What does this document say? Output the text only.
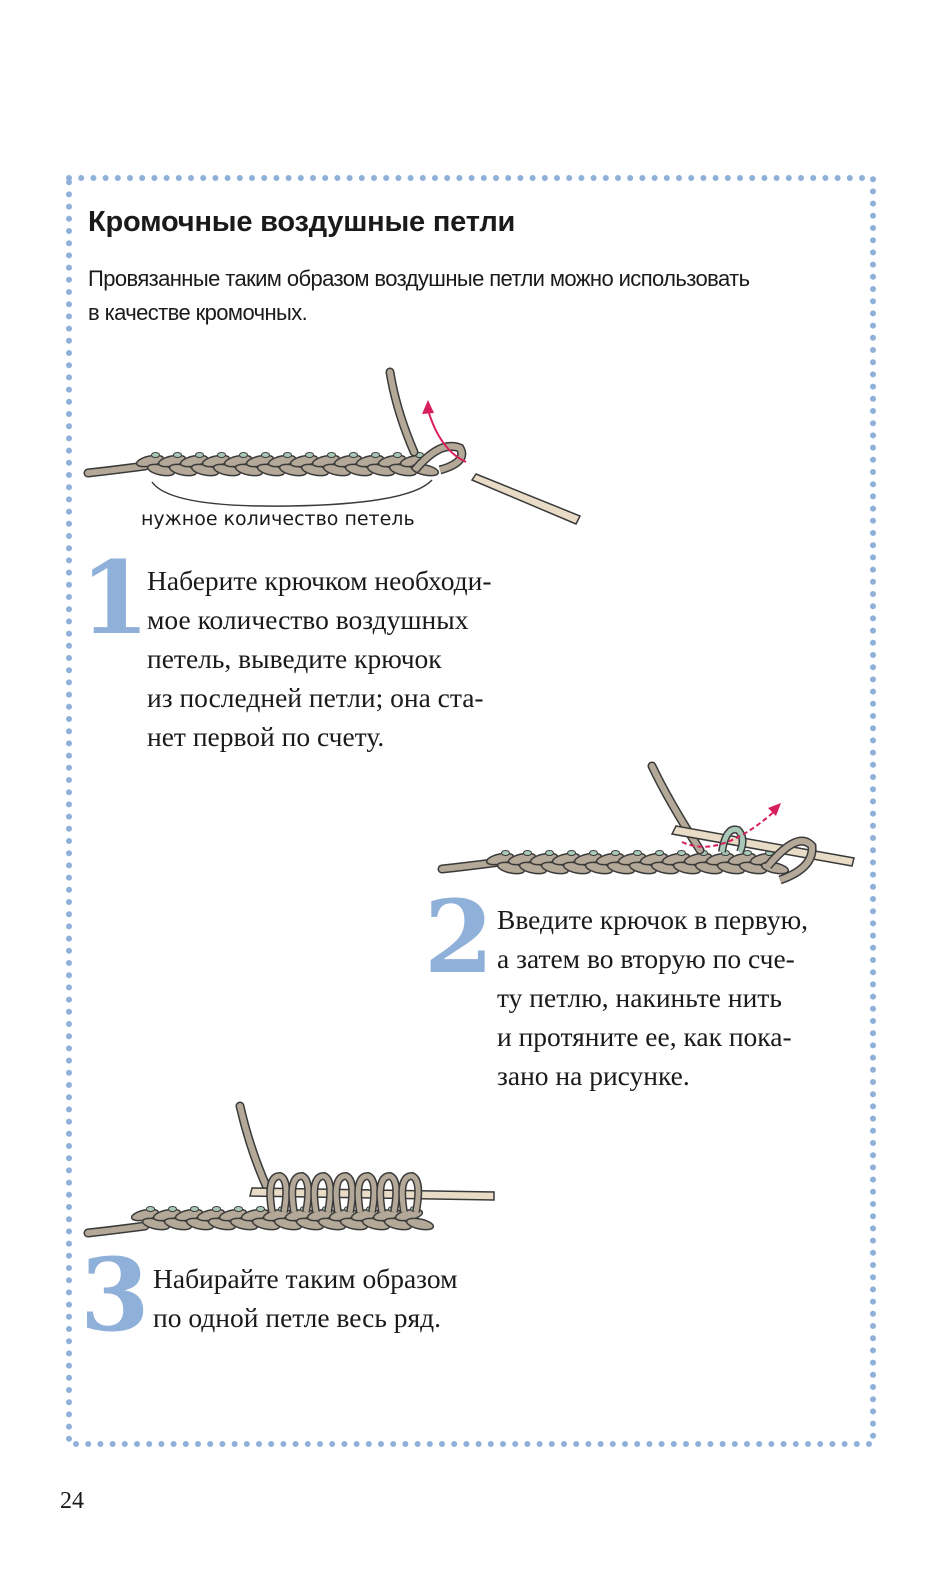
Кромочные воздушные петли
Провязанные таким образом воздушные петли можно использовать
в качестве кромочных.
нужное количество петель
1
Наберите крючком необходи-
мое количество воздушных
петель, выведите крючок
из последней петли; она ста-
нет первой по счету.
2 Введите крючок в первую,
а затем во вторую по сче-
ту петлю, накиньте нить
и протяните ее, как пока-
зано на рисунке.
3 Набирайте таким образом
по одной петле весь ряд.
24
